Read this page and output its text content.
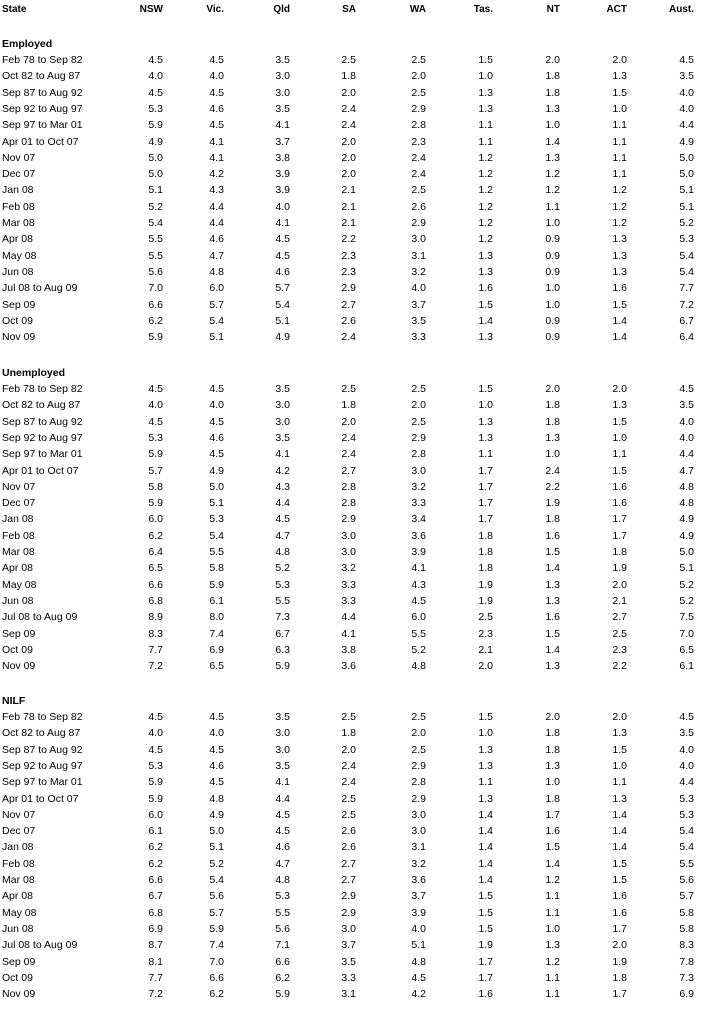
State	NSW	Vic.	Qld	SA	WA	Tas.	NT	ACT	Aust.
Employed
Feb 78 to Sep 82	4.5	4.5	3.5	2.5	2.5	1.5	2.0	2.0	4.5
Oct 82 to Aug 87	4.0	4.0	3.0	1.8	2.0	1.0	1.8	1.3	3.5
Sep 87 to Aug 92	4.5	4.5	3.0	2.0	2.5	1.3	1.8	1.5	4.0
Sep 92 to Aug 97	5.3	4.6	3.5	2.4	2.9	1.3	1.3	1.0	4.0
Sep 97 to Mar 01	5.9	4.5	4.1	2.4	2.8	1.1	1.0	1.1	4.4
Apr 01 to Oct 07	4.9	4.1	3.7	2.0	2.3	1.1	1.4	1.1	4.9
Nov 07	5.0	4.1	3.8	2.0	2.4	1.2	1.3	1.1	5.0
Dec 07	5.0	4.2	3.9	2.0	2.4	1.2	1.2	1.1	5.0
Jan 08	5.1	4.3	3.9	2.1	2.5	1.2	1.2	1.2	5.1
Feb 08	5.2	4.4	4.0	2.1	2.6	1.2	1.1	1.2	5.1
Mar 08	5.4	4.4	4.1	2.1	2.9	1.2	1.0	1.2	5.2
Apr 08	5.5	4.6	4.5	2.2	3.0	1.2	0.9	1.3	5.3
May 08	5.5	4.7	4.5	2.3	3.1	1.3	0.9	1.3	5.4
Jun 08	5.6	4.8	4.6	2.3	3.2	1.3	0.9	1.3	5.4
Jul 08 to Aug 09	7.0	6.0	5.7	2.9	4.0	1.6	1.0	1.6	7.7
Sep 09	6.6	5.7	5.4	2.7	3.7	1.5	1.0	1.5	7.2
Oct 09	6.2	5.4	5.1	2.6	3.5	1.4	0.9	1.4	6.7
Nov 09	5.9	5.1	4.9	2.4	3.3	1.3	0.9	1.4	6.4
Unemployed
Feb 78 to Sep 82	4.5	4.5	3.5	2.5	2.5	1.5	2.0	2.0	4.5
Oct 82 to Aug 87	4.0	4.0	3.0	1.8	2.0	1.0	1.8	1.3	3.5
Sep 87 to Aug 92	4.5	4.5	3.0	2.0	2.5	1.3	1.8	1.5	4.0
Sep 92 to Aug 97	5.3	4.6	3.5	2.4	2.9	1.3	1.3	1.0	4.0
Sep 97 to Mar 01	5.9	4.5	4.1	2.4	2.8	1.1	1.0	1.1	4.4
Apr 01 to Oct 07	5.7	4.9	4.2	2.7	3.0	1.7	2.4	1.5	4.7
Nov 07	5.8	5.0	4.3	2.8	3.2	1.7	2.2	1.6	4.8
Dec 07	5.9	5.1	4.4	2.8	3.3	1.7	1.9	1.6	4.8
Jan 08	6.0	5.3	4.5	2.9	3.4	1.7	1.8	1.7	4.9
Feb 08	6.2	5.4	4.7	3.0	3.6	1.8	1.6	1.7	4.9
Mar 08	6.4	5.5	4.8	3.0	3.9	1.8	1.5	1.8	5.0
Apr 08	6.5	5.8	5.2	3.2	4.1	1.8	1.4	1.9	5.1
May 08	6.6	5.9	5.3	3.3	4.3	1.9	1.3	2.0	5.2
Jun 08	6.8	6.1	5.5	3.3	4.5	1.9	1.3	2.1	5.2
Jul 08 to Aug 09	8.9	8.0	7.3	4.4	6.0	2.5	1.6	2.7	7.5
Sep 09	8.3	7.4	6.7	4.1	5.5	2.3	1.5	2.5	7.0
Oct 09	7.7	6.9	6.3	3.8	5.2	2.1	1.4	2.3	6.5
Nov 09	7.2	6.5	5.9	3.6	4.8	2.0	1.3	2.2	6.1
NILF
Feb 78 to Sep 82	4.5	4.5	3.5	2.5	2.5	1.5	2.0	2.0	4.5
Oct 82 to Aug 87	4.0	4.0	3.0	1.8	2.0	1.0	1.8	1.3	3.5
Sep 87 to Aug 92	4.5	4.5	3.0	2.0	2.5	1.3	1.8	1.5	4.0
Sep 92 to Aug 97	5.3	4.6	3.5	2.4	2.9	1.3	1.3	1.0	4.0
Sep 97 to Mar 01	5.9	4.5	4.1	2.4	2.8	1.1	1.0	1.1	4.4
Apr 01 to Oct 07	5.9	4.8	4.4	2.5	2.9	1.3	1.8	1.3	5.3
Nov 07	6.0	4.9	4.5	2.5	3.0	1.4	1.7	1.4	5.3
Dec 07	6.1	5.0	4.5	2.6	3.0	1.4	1.6	1.4	5.4
Jan 08	6.2	5.1	4.6	2.6	3.1	1.4	1.5	1.4	5.4
Feb 08	6.2	5.2	4.7	2.7	3.2	1.4	1.4	1.5	5.5
Mar 08	6.6	5.4	4.8	2.7	3.6	1.4	1.2	1.5	5.6
Apr 08	6.7	5.6	5.3	2.9	3.7	1.5	1.1	1.6	5.7
May 08	6.8	5.7	5.5	2.9	3.9	1.5	1.1	1.6	5.8
Jun 08	6.9	5.9	5.6	3.0	4.0	1.5	1.0	1.7	5.8
Jul 08 to Aug 09	8.7	7.4	7.1	3.7	5.1	1.9	1.3	2.0	8.3
Sep 09	8.1	7.0	6.6	3.5	4.8	1.7	1.2	1.9	7.8
Oct 09	7.7	6.6	6.2	3.3	4.5	1.7	1.1	1.8	7.3
Nov 09	7.2	6.2	5.9	3.1	4.2	1.6	1.1	1.7	6.9
